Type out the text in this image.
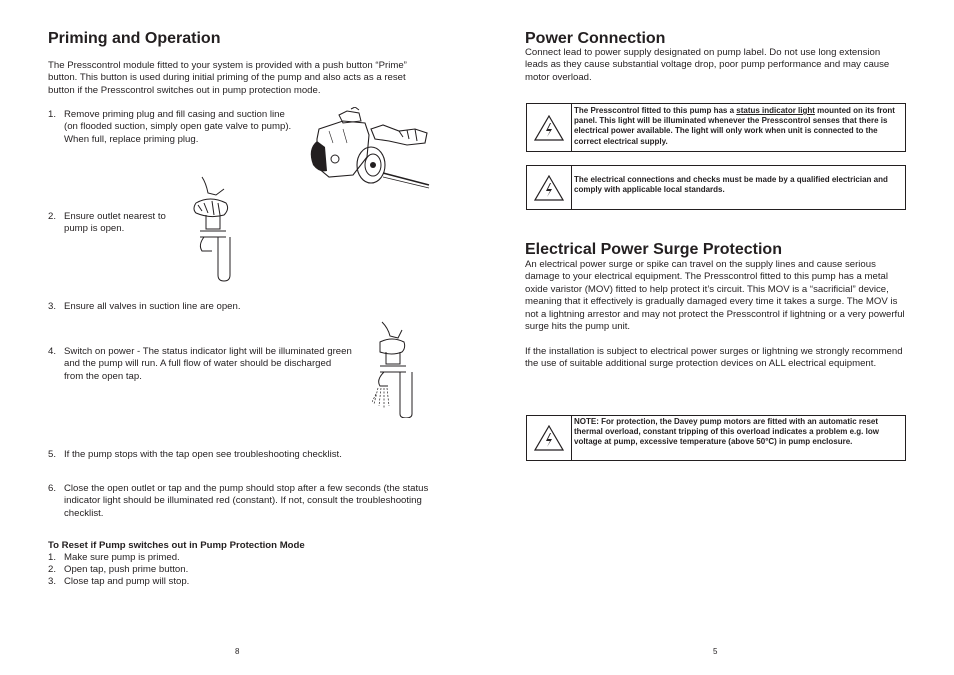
Priming and Operation

The Presscontrol module fitted to your system is provided with a push button “Prime” button. This button is used during initial priming of the pump and also acts as a reset button if the Presscontrol switches out in pump protection mode.

1. Remove priming plug and fill casing and suction line (on flooded suction, simply open gate valve to pump). When full, replace priming plug.
2. Ensure outlet nearest to pump is open.
3. Ensure all valves in suction line are open.
4. Switch on power - The status indicator light will be illuminated green and the pump will run. A full flow of water should be discharged from the open tap.
5. If the pump stops with the tap open see troubleshooting checklist.
6. Close the open outlet or tap and the pump should stop after a few seconds (the status indicator light should be illuminated red (constant). If not, consult the troubleshooting checklist.
To Reset if Pump switches out in Pump Protection Mode
1. Make sure pump is primed.
2. Open tap, push prime button.
3. Close tap and pump will stop.
8
Power Connection

Connect lead to power supply designated on pump label. Do not use long extension leads as they cause substantial voltage drop, poor pump performance and may cause motor overload.

The Presscontrol fitted to this pump has a status indicator light mounted on its front panel. This light will be illuminated whenever the Presscontrol senses that there is electrical power available. The light will only work when unit is connected to the correct electrical supply.
The electrical connections and checks must be made by a qualified electrician and comply with applicable local standards.
Electrical Power Surge Protection

An electrical power surge or spike can travel on the supply lines and cause serious damage to your electrical equipment. The Presscontrol fitted to this pump has a metal oxide varistor (MOV) fitted to help protect it’s circuit. This MOV is a “sacrificial” device, meaning that it effectively is gradually damaged every time it takes a surge. The MOV is not a lightning arrestor and may not protect the Presscontrol if lightning or a very powerful surge hits the pump unit.

If the installation is subject to electrical power surges or lightning we strongly recommend the use of suitable additional surge protection devices on ALL electrical equipment.

NOTE: For protection, the Davey pump motors are fitted with an automatic reset thermal overload, constant tripping of this overload indicates a problem e.g. low voltage at pump, excessive temperature (above 50°C) in pump enclosure.
5
